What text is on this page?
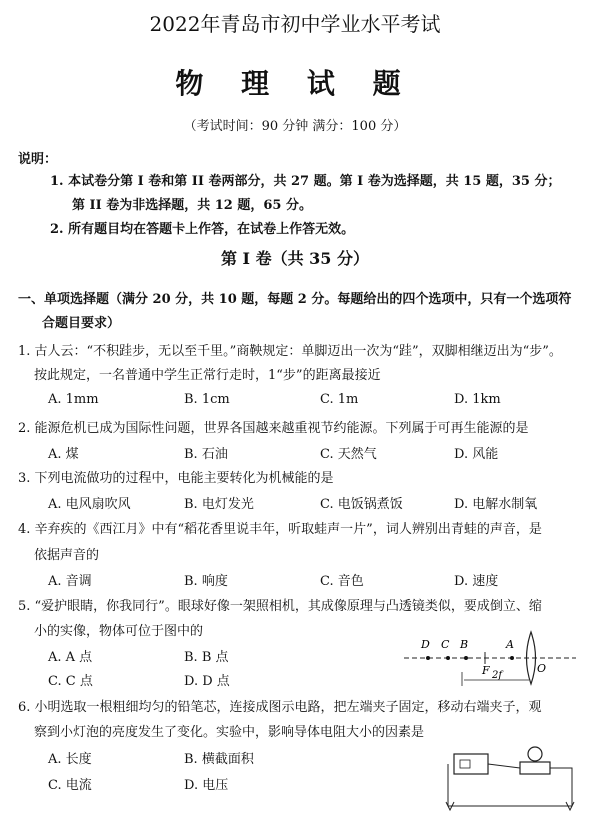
2022年青岛市初中学业水平考试
物 理 试 题
（考试时间：90 分钟 满分：100 分）
说明：
1. 本试卷分第 I 卷和第 II 卷两部分，共 27 题。第 I 卷为选择题，共 15 题，35 分；
第 II 卷为非选择题，共 12 题，65 分。
2. 所有题目均在答题卡上作答，在试卷上作答无效。
第 I 卷（共 35 分）
一、单项选择题（满分 20 分，共 10 题，每题 2 分。每题给出的四个选项中，只有一个选项符
合题目要求）
1. 古人云：“不积跬步，无以至千里。”商鞅规定：单脚迈出一次为“跬”，双脚相继迈出为“步”。
按此规定，一名普通中学生正常行走时，1“步”的距离最接近
A. 1mm	B. 1cm	C. 1m	D. 1km
2. 能源危机已成为国际性问题，世界各国越来越重视节约能源。下列属于可再生能源的是
A. 煤	B. 石油	C. 天然气	D. 风能
3. 下列电流做功的过程中，电能主要转化为机械能的是
A. 电风扇吹风	B. 电灯发光	C. 电饭锅煮饭	D. 电解水制氧
4. 辛弃疾的《西江月》中有“稻花香里说丰年，听取蛙声一片”，词人辨别出青蛙的声音，是
依据声音的
A. 音调	B. 响度	C. 音色	D. 速度
5. “爱护眼睛，你我同行”。眼球好像一架照相机，其成像原理与凸透镜类似，要成倒立、缩
小的实像，物体可位于图中的
A. A 点	B. B 点
C. C 点	D. D 点
D C B	A
F	O
2f
6. 小明选取一根粗细均匀的铅笔芯，连接成图示电路，把左端夹子固定，移动右端夹子，观
察到小灯泡的亮度发生了变化。实验中，影响导体电阻大小的因素是
A. 长度	B. 横截面积
C. 电流	D. 电压
